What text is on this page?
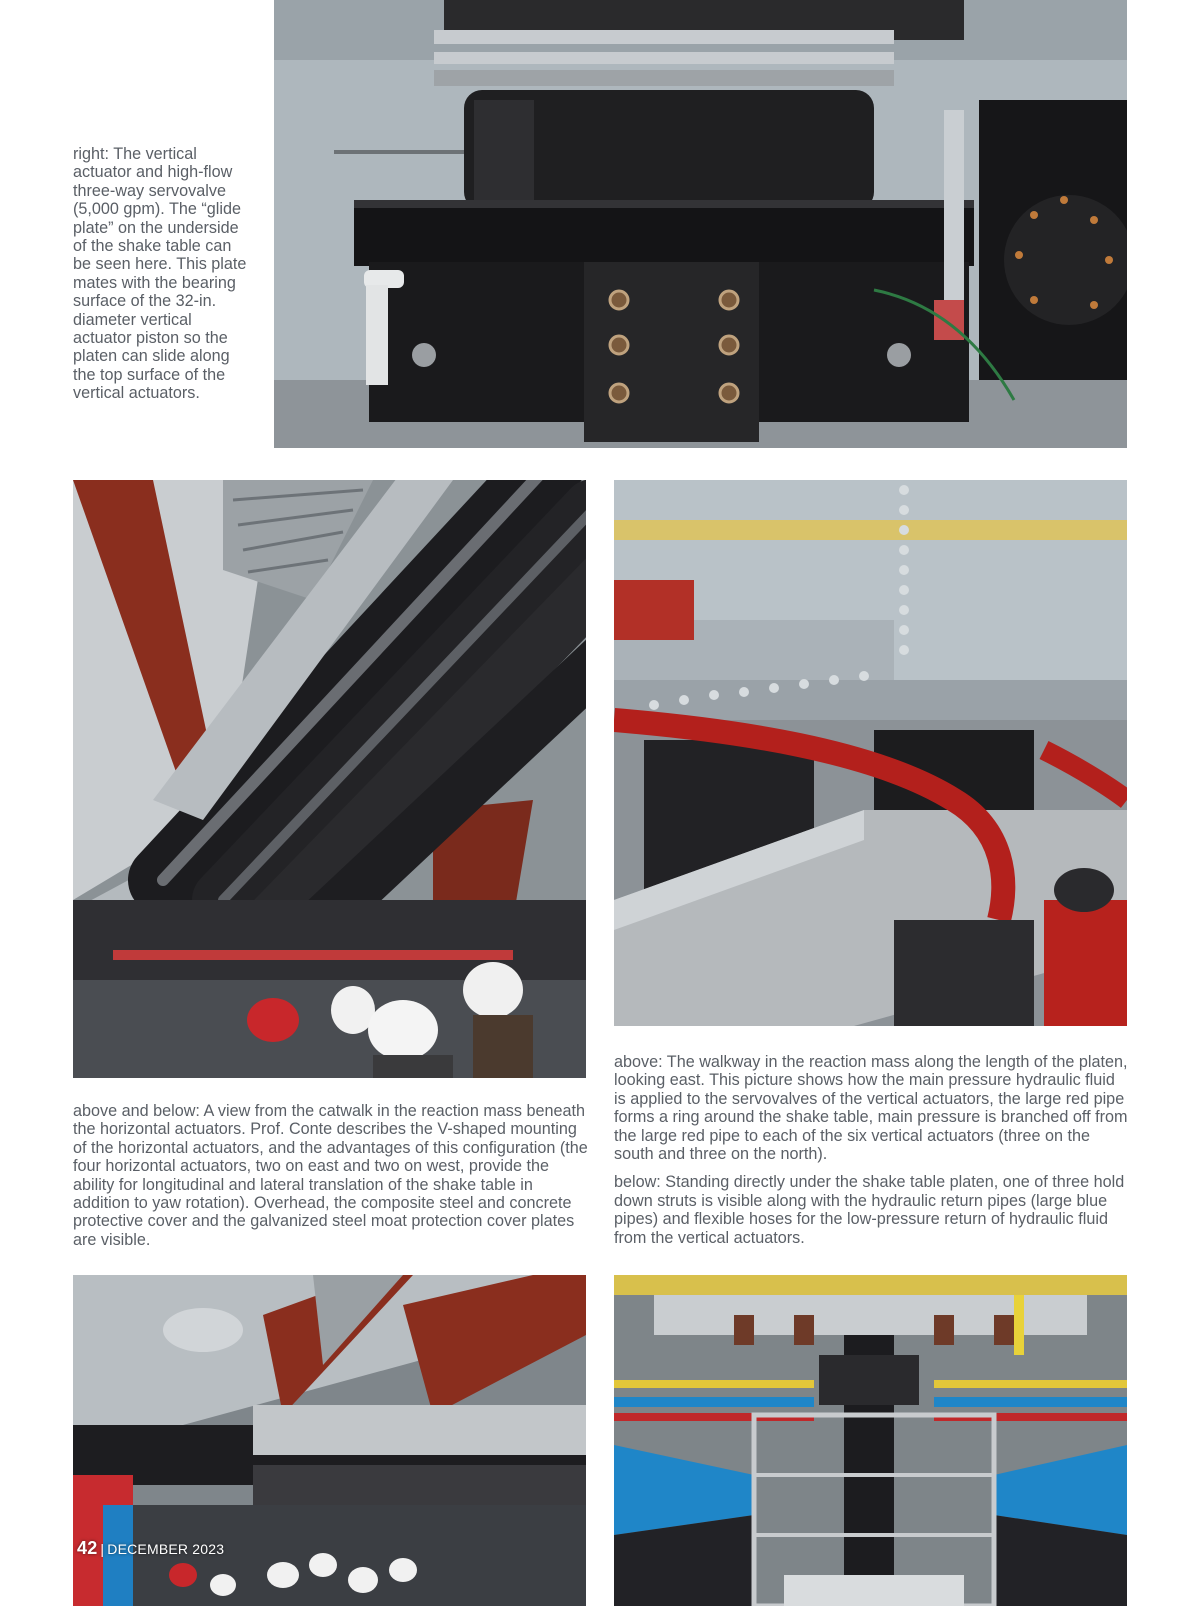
right: The vertical actuator and high-flow three-way servovalve (5,000 gpm). The “glide plate” on the underside of the shake table can be seen here. This plate mates with the bearing surface of the 32-in. diameter vertical actuator piston so the platen can slide along the top surface of the vertical actuators.

above: The walkway in the reaction mass along the length of the platen, looking east. This picture shows how the main pressure hydraulic fluid is applied to the servovalves of the vertical actuators, the large red pipe forms a ring around the shake table, main pressure is branched off from the large red pipe to each of the six vertical actuators (three on the south and three on the north).

below: Standing directly under the shake table platen, one of three hold down struts is visible along with the hydraulic return pipes (large blue pipes) and flexible hoses for the low-pressure return of hydraulic fluid from the vertical actuators.

above and below: A view from the catwalk in the reaction mass beneath the horizontal actuators. Prof. Conte describes the V-shaped mounting of the horizontal actuators, and the advantages of this configuration (the four horizontal actuators, two on east and two on west, provide the ability for longitudinal and lateral translation of the shake table in addition to yaw rotation). Overhead, the composite steel and concrete protective cover and the galvanized steel moat protection cover plates are visible.

42 | DECEMBER 2023
